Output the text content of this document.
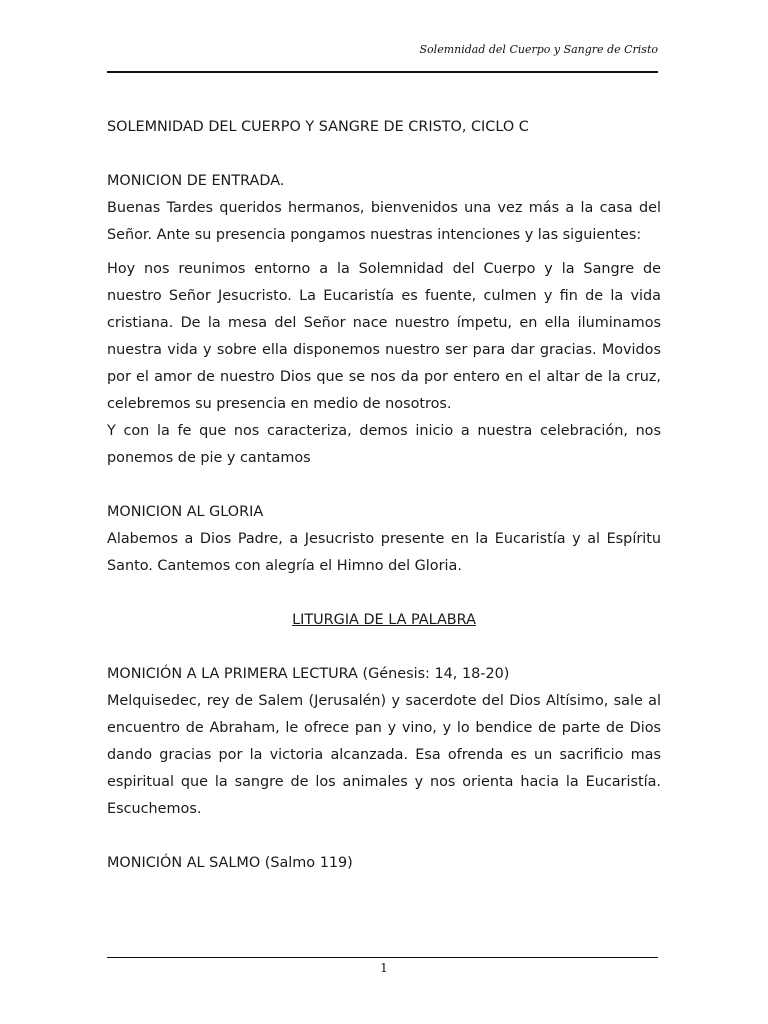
Solemnidad del Cuerpo y Sangre de Cristo

SOLEMNIDAD DEL CUERPO Y SANGRE DE CRISTO, CICLO C

MONICION DE ENTRADA.

Buenas Tardes queridos hermanos, bienvenidos una vez más a la casa del Señor. Ante su presencia pongamos nuestras intenciones y las siguientes:

Hoy nos reunimos entorno a la Solemnidad del Cuerpo y la Sangre de nuestro Señor Jesucristo. La Eucaristía es fuente, culmen y fin de la vida cristiana. De la mesa del Señor nace nuestro ímpetu, en ella iluminamos nuestra vida y sobre ella disponemos nuestro ser para dar gracias. Movidos por el amor de nuestro Dios que se nos da por entero en el altar de la cruz, celebremos su presencia en medio de nosotros.

Y con la fe que nos caracteriza, demos inicio a nuestra celebración, nos ponemos de pie y cantamos

MONICION AL GLORIA

Alabemos a Dios Padre, a Jesucristo presente en la Eucaristía y al Espíritu Santo. Cantemos con alegría el Himno del Gloria.

LITURGIA DE LA PALABRA

MONICIÓN A LA PRIMERA LECTURA (Génesis: 14, 18-20)

Melquisedec, rey de Salem (Jerusalén) y sacerdote del Dios Altísimo, sale al encuentro de Abraham, le ofrece pan y vino, y lo bendice de parte de Dios dando gracias por la victoria alcanzada. Esa ofrenda es un sacrificio mas espiritual que la sangre de los animales y nos orienta hacia la Eucaristía. Escuchemos.

MONICIÓN AL SALMO (Salmo 119)

1
